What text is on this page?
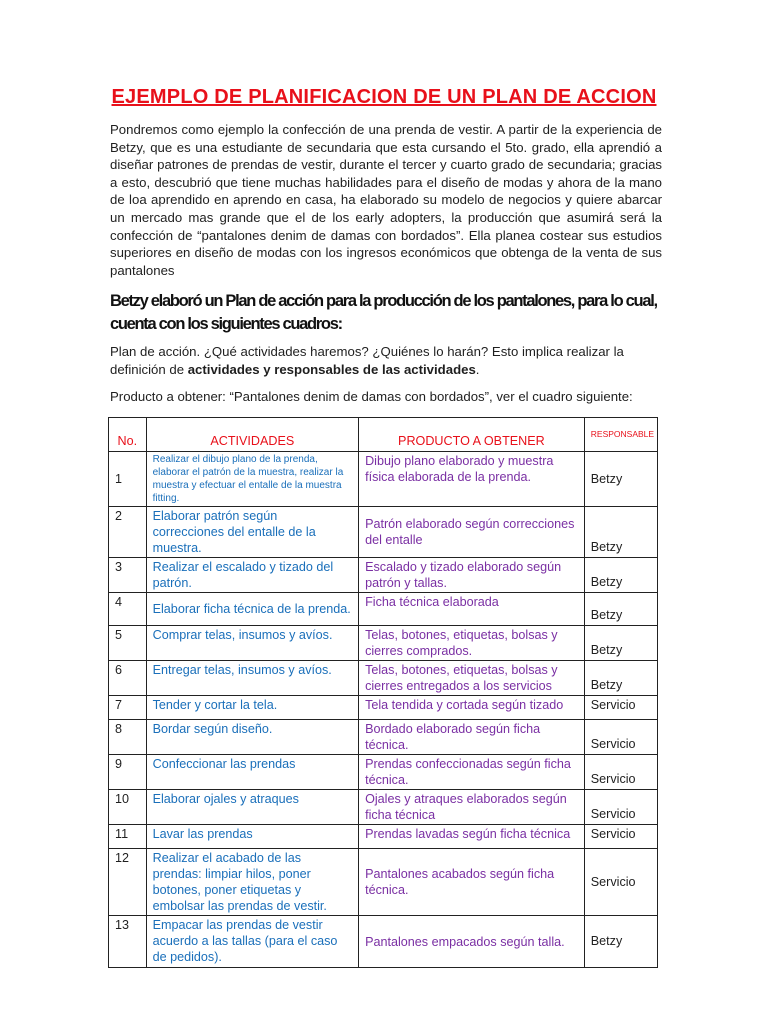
EJEMPLO DE PLANIFICACION DE UN PLAN DE ACCION

Pondremos como ejemplo la confección de una prenda de vestir. A partir de la experiencia de Betzy, que es una estudiante de secundaria que esta cursando el 5to. grado, ella aprendió a diseñar patrones de prendas de vestir, durante el tercer y cuarto grado de secundaria; gracias a esto, descubrió que tiene muchas habilidades para el diseño de modas y ahora de la mano de loa aprendido en aprendo en casa, ha elaborado su modelo de negocios y quiere abarcar un mercado mas grande que el de los early adopters, la producción que asumirá será la confección de “pantalones denim de damas con bordados”. Ella planea costear sus estudios superiores en diseño de modas con los ingresos económicos que obtenga de la venta de sus pantalones

Betzy elaboró un Plan de acción para la producción de los pantalones, para lo cual, cuenta con los siguientes cuadros:
Plan de acción. ¿Qué actividades haremos? ¿Quiénes lo harán? Esto implica realizar la definición de actividades y responsables de las actividades.
Producto a obtener: “Pantalones denim de damas con bordados”, ver el cuadro siguiente:
No.	ACTIVIDADES	PRODUCTO A OBTENER	RESPONSABLE
1	Realizar el dibujo plano de la prenda, elaborar el patrón de la muestra, realizar la muestra y efectuar el entalle de la muestra fitting.	Dibujo plano elaborado y muestra física elaborada de la prenda.	Betzy
2	Elaborar patrón según correcciones del entalle de la muestra.	Patrón elaborado según correcciones del entalle	Betzy
3	Realizar el escalado y tizado del patrón.	Escalado y tizado elaborado según patrón y tallas.	Betzy
4	Elaborar ficha técnica de la prenda.	Ficha técnica elaborada	Betzy
5	Comprar telas, insumos y avíos.	Telas, botones, etiquetas, bolsas y cierres comprados.	Betzy
6	Entregar telas, insumos y avíos.	Telas, botones, etiquetas, bolsas y cierres entregados a los servicios	Betzy
7	Tender y cortar la tela.	Tela tendida y cortada según tizado	Servicio
8	Bordar según diseño.	Bordado elaborado según ficha técnica.	Servicio
9	Confeccionar las prendas	Prendas confeccionadas según ficha técnica.	Servicio
10	Elaborar ojales y atraques	Ojales y atraques elaborados según ficha técnica	Servicio
11	Lavar las prendas	Prendas lavadas según ficha técnica	Servicio
12	Realizar el acabado de las prendas: limpiar hilos, poner botones, poner etiquetas y embolsar las prendas de vestir.	Pantalones acabados según ficha técnica.	Servicio
13	Empacar las prendas de vestir acuerdo a las tallas (para el caso de pedidos).	Pantalones empacados según talla.	Betzy
